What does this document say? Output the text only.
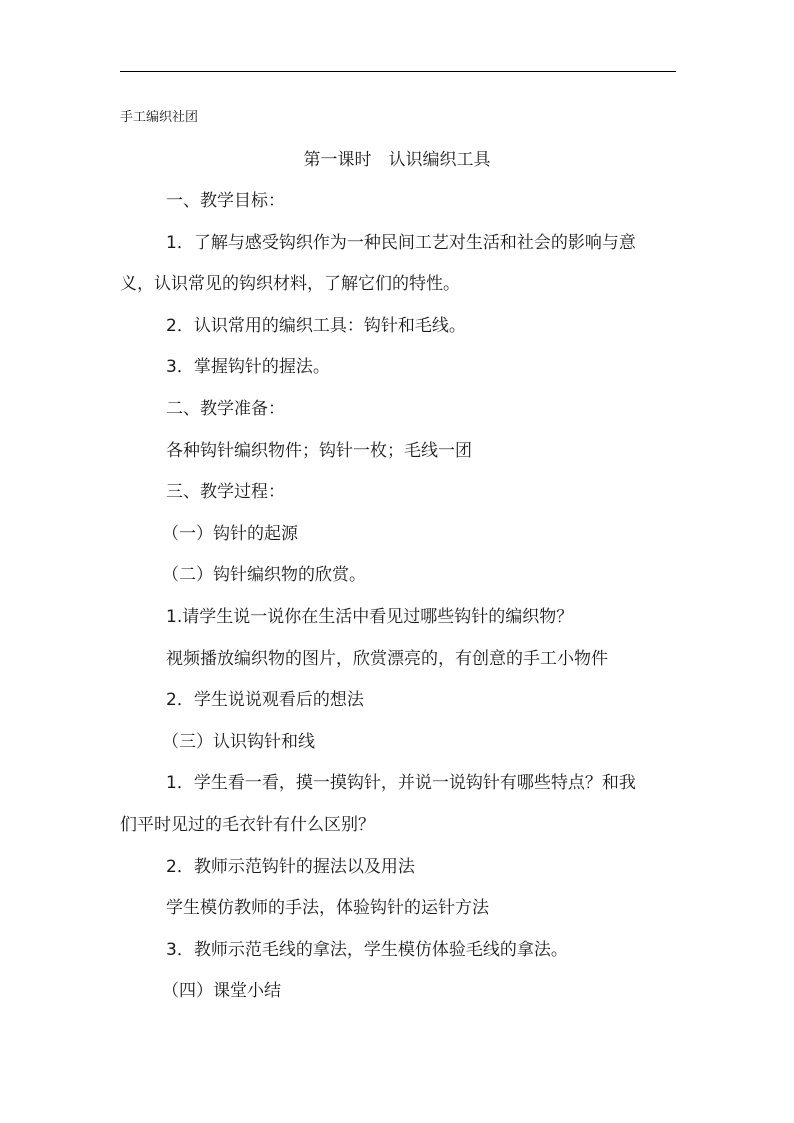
手工编织社团
第一课时　认识编织工具
一、教学目标：
1．了解与感受钩织作为一种民间工艺对生活和社会的影响与意
义，认识常见的钩织材料，了解它们的特性。
2．认识常用的编织工具：钩针和毛线。
3．掌握钩针的握法。
二、教学准备：
各种钩针编织物件；钩针一枚；毛线一团
三、教学过程：
（一）钩针的起源
（二）钩针编织物的欣赏。
1.请学生说一说你在生活中看见过哪些钩针的编织物？
视频播放编织物的图片，欣赏漂亮的，有创意的手工小物件
2．学生说说观看后的想法
（三）认识钩针和线
1．学生看一看，摸一摸钩针，并说一说钩针有哪些特点？和我
们平时见过的毛衣针有什么区别？
2．教师示范钩针的握法以及用法
学生模仿教师的手法，体验钩针的运针方法
3．教师示范毛线的拿法，学生模仿体验毛线的拿法。
（四）课堂小结
